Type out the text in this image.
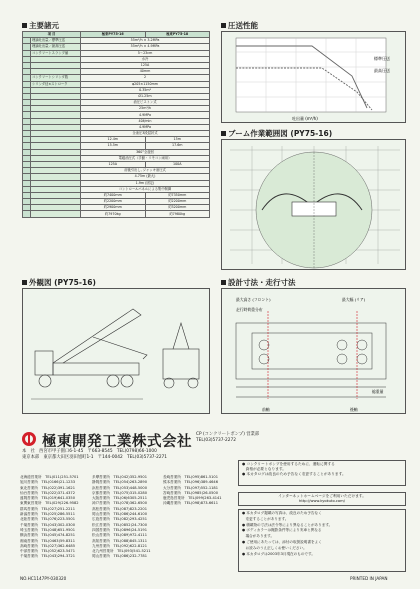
主要諸元	圧送性能
ブーム作業範囲図 (PY75-16)
外観図 (PY75-16)	設計寸法・走行寸法
項 目		極東PY75-16	極東PY75-18
	理論吐出量／標準圧送	55m³/h × 3.2MPa	
	理論吐出量／最高圧送	55m³/h × 4.9MPa	
	コンクリートスランプ値	5～23cm	
		水冷	
		125A	
		40mm	
	コンクリートシリンダ数	2	
	シリンダ径×ストローク	φ205×1150mm	
		0.35m³	
		Ø1.25m	
		油圧ピストン式	
		25m³/h	
		4.9MPa	
		40ℓ/min	
		4.9MPa	
		全油圧3段屈折式	
		12.4m	15m
		15.5m	17.6m
		360°全旋回	
		電磁油圧式（手動・リモコン両用）	
		125A	100A
		前後引出し, ジャッキ油圧式	
		4.75m (最大)	
		1.9m (固定)	
		コントロールパネルによる集中制御	
		約7400mm	約7350mm
		約2200mm	約2200mm
		約2900mm	約3200mm
		約7970kg	約7980kg
標準圧送
最高圧送
吐出量 (m³/h)
最大高さ (フロント)	最大幅 (リア)
走行時荷重分布
前軸	後軸
総重量
極東開発工業株式会社 CP (コンクリートポンプ) 営業部
TEL(03)5737-2272
本　社　西宮市甲子園口6-1-45　〒663-8545　TEL(0798)66-1000
東京本部　東京都大田区羽田旭町1-1　〒144-0042　TEL(03)5737-2271
北海道営業所　TEL(011)251-5701
旭川営業所　TEL(0166)21-1233
東北営業所　TEL(022)391-1621
仙台営業所　TEL(022)371-4372
盛岡営業所　TEL(019)641-0350
東関東営業所　TEL(029)226-9582
群馬営業所　TEL(027)251-2211
新潟営業所　TEL(025)286-5511
北陸営業所　TEL(076)223-5501
千葉営業所　TEL(043)302-0300
埼玉営業所　TEL(048)651-9501
横浜営業所　TEL(045)474-8251
湘南営業所　TEL(0463)59-8311
高崎営業所　TEL(027)362-6485
中部営業所　TEL(052)623-5471
千葉営業所　TEL(043)294-3721
多摩営業所　TEL(042)352-9501
静岡営業所　TEL(054)263-2890
浜松営業所　TEL(053)448-5000
京都営業所　TEL(075)315-0280
大阪営業所　TEL(06)6305-2511
神戸営業所　TEL(078)362-6500
高松営業所　TEL(087)823-2201
岡山営業所　TEL(086)244-6100
広島営業所　TEL(082)293-4251
松江営業所　TEL(0852)24-7300
四国営業所　TEL(0896)24-5191
松山営業所　TEL(089)972-4111
高知営業所　TEL(088)845-1311
九州営業所　TEL(092)622-8121
北九州営業所　TEL(093)541-5211
岡山営業所　TEL(086)232-7781
長崎営業所　TEL(095)861-5101
熊本営業所　TEL(096)389-4646
大分営業所　TEL(097)552-1181
宮崎営業所　TEL(0985)26-0500
鹿児島営業所　TEL(099)263-4141
沖縄営業所　TEL(098)873-6611

● コンクリートポンプを使用するために、運転に関する
　資格が必要となります。
● 本カタログは改良のため予告なく変更することがあります。
インターネットホームページをご利用いただけます。
http://www.kyokuto.com/
● 本カタログ掲載の写真は、改良のため予告なく
　変更することがあります。
● 積載物の寸法は法令等により異なることがあります。
● ボディカラーは撮影条件等により実車と異なる
　場合があります。
● ご使用にあたっては、添付の取扱説明書をよく
　お読みのうえ正しくお使いください。
● 本カタログは2003年3月現在のものです。
NO.HC1147PY-030320	PRINTED IN JAPAN
